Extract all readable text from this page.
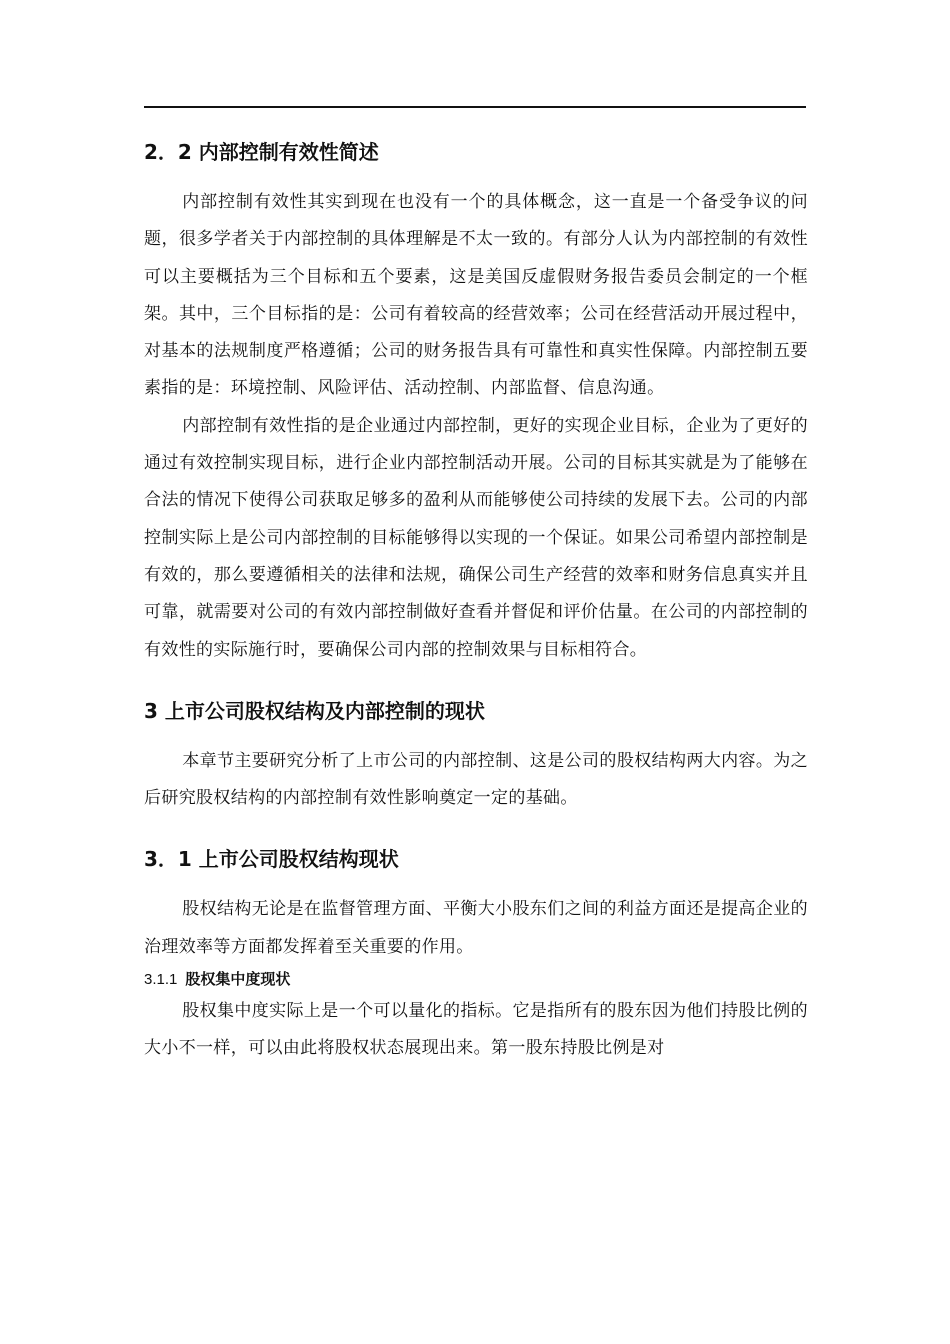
2．2 内部控制有效性简述

内部控制有效性其实到现在也没有一个的具体概念，这一直是一个备受争议的问题，很多学者关于内部控制的具体理解是不太一致的。有部分人认为内部控制的有效性可以主要概括为三个目标和五个要素，这是美国反虚假财务报告委员会制定的一个框架。其中，三个目标指的是：公司有着较高的经营效率；公司在经营活动开展过程中，对基本的法规制度严格遵循；公司的财务报告具有可靠性和真实性保障。内部控制五要素指的是：环境控制、风险评估、活动控制、内部监督、信息沟通。

内部控制有效性指的是企业通过内部控制，更好的实现企业目标，企业为了更好的通过有效控制实现目标，进行企业内部控制活动开展。公司的目标其实就是为了能够在合法的情况下使得公司获取足够多的盈利从而能够使公司持续的发展下去。公司的内部控制实际上是公司内部控制的目标能够得以实现的一个保证。如果公司希望内部控制是有效的，那么要遵循相关的法律和法规，确保公司生产经营的效率和财务信息真实并且可靠，就需要对公司的有效内部控制做好查看并督促和评价估量。在公司的内部控制的有效性的实际施行时，要确保公司内部的控制效果与目标相符合。

3 上市公司股权结构及内部控制的现状

本章节主要研究分析了上市公司的内部控制、这是公司的股权结构两大内容。为之后研究股权结构的内部控制有效性影响奠定一定的基础。

3．1 上市公司股权结构现状

股权结构无论是在监督管理方面、平衡大小股东们之间的利益方面还是提高企业的治理效率等方面都发挥着至关重要的作用。

3.1.1 股权集中度现状

股权集中度实际上是一个可以量化的指标。它是指所有的股东因为他们持股比例的大小不一样，可以由此将股权状态展现出来。第一股东持股比例是对
